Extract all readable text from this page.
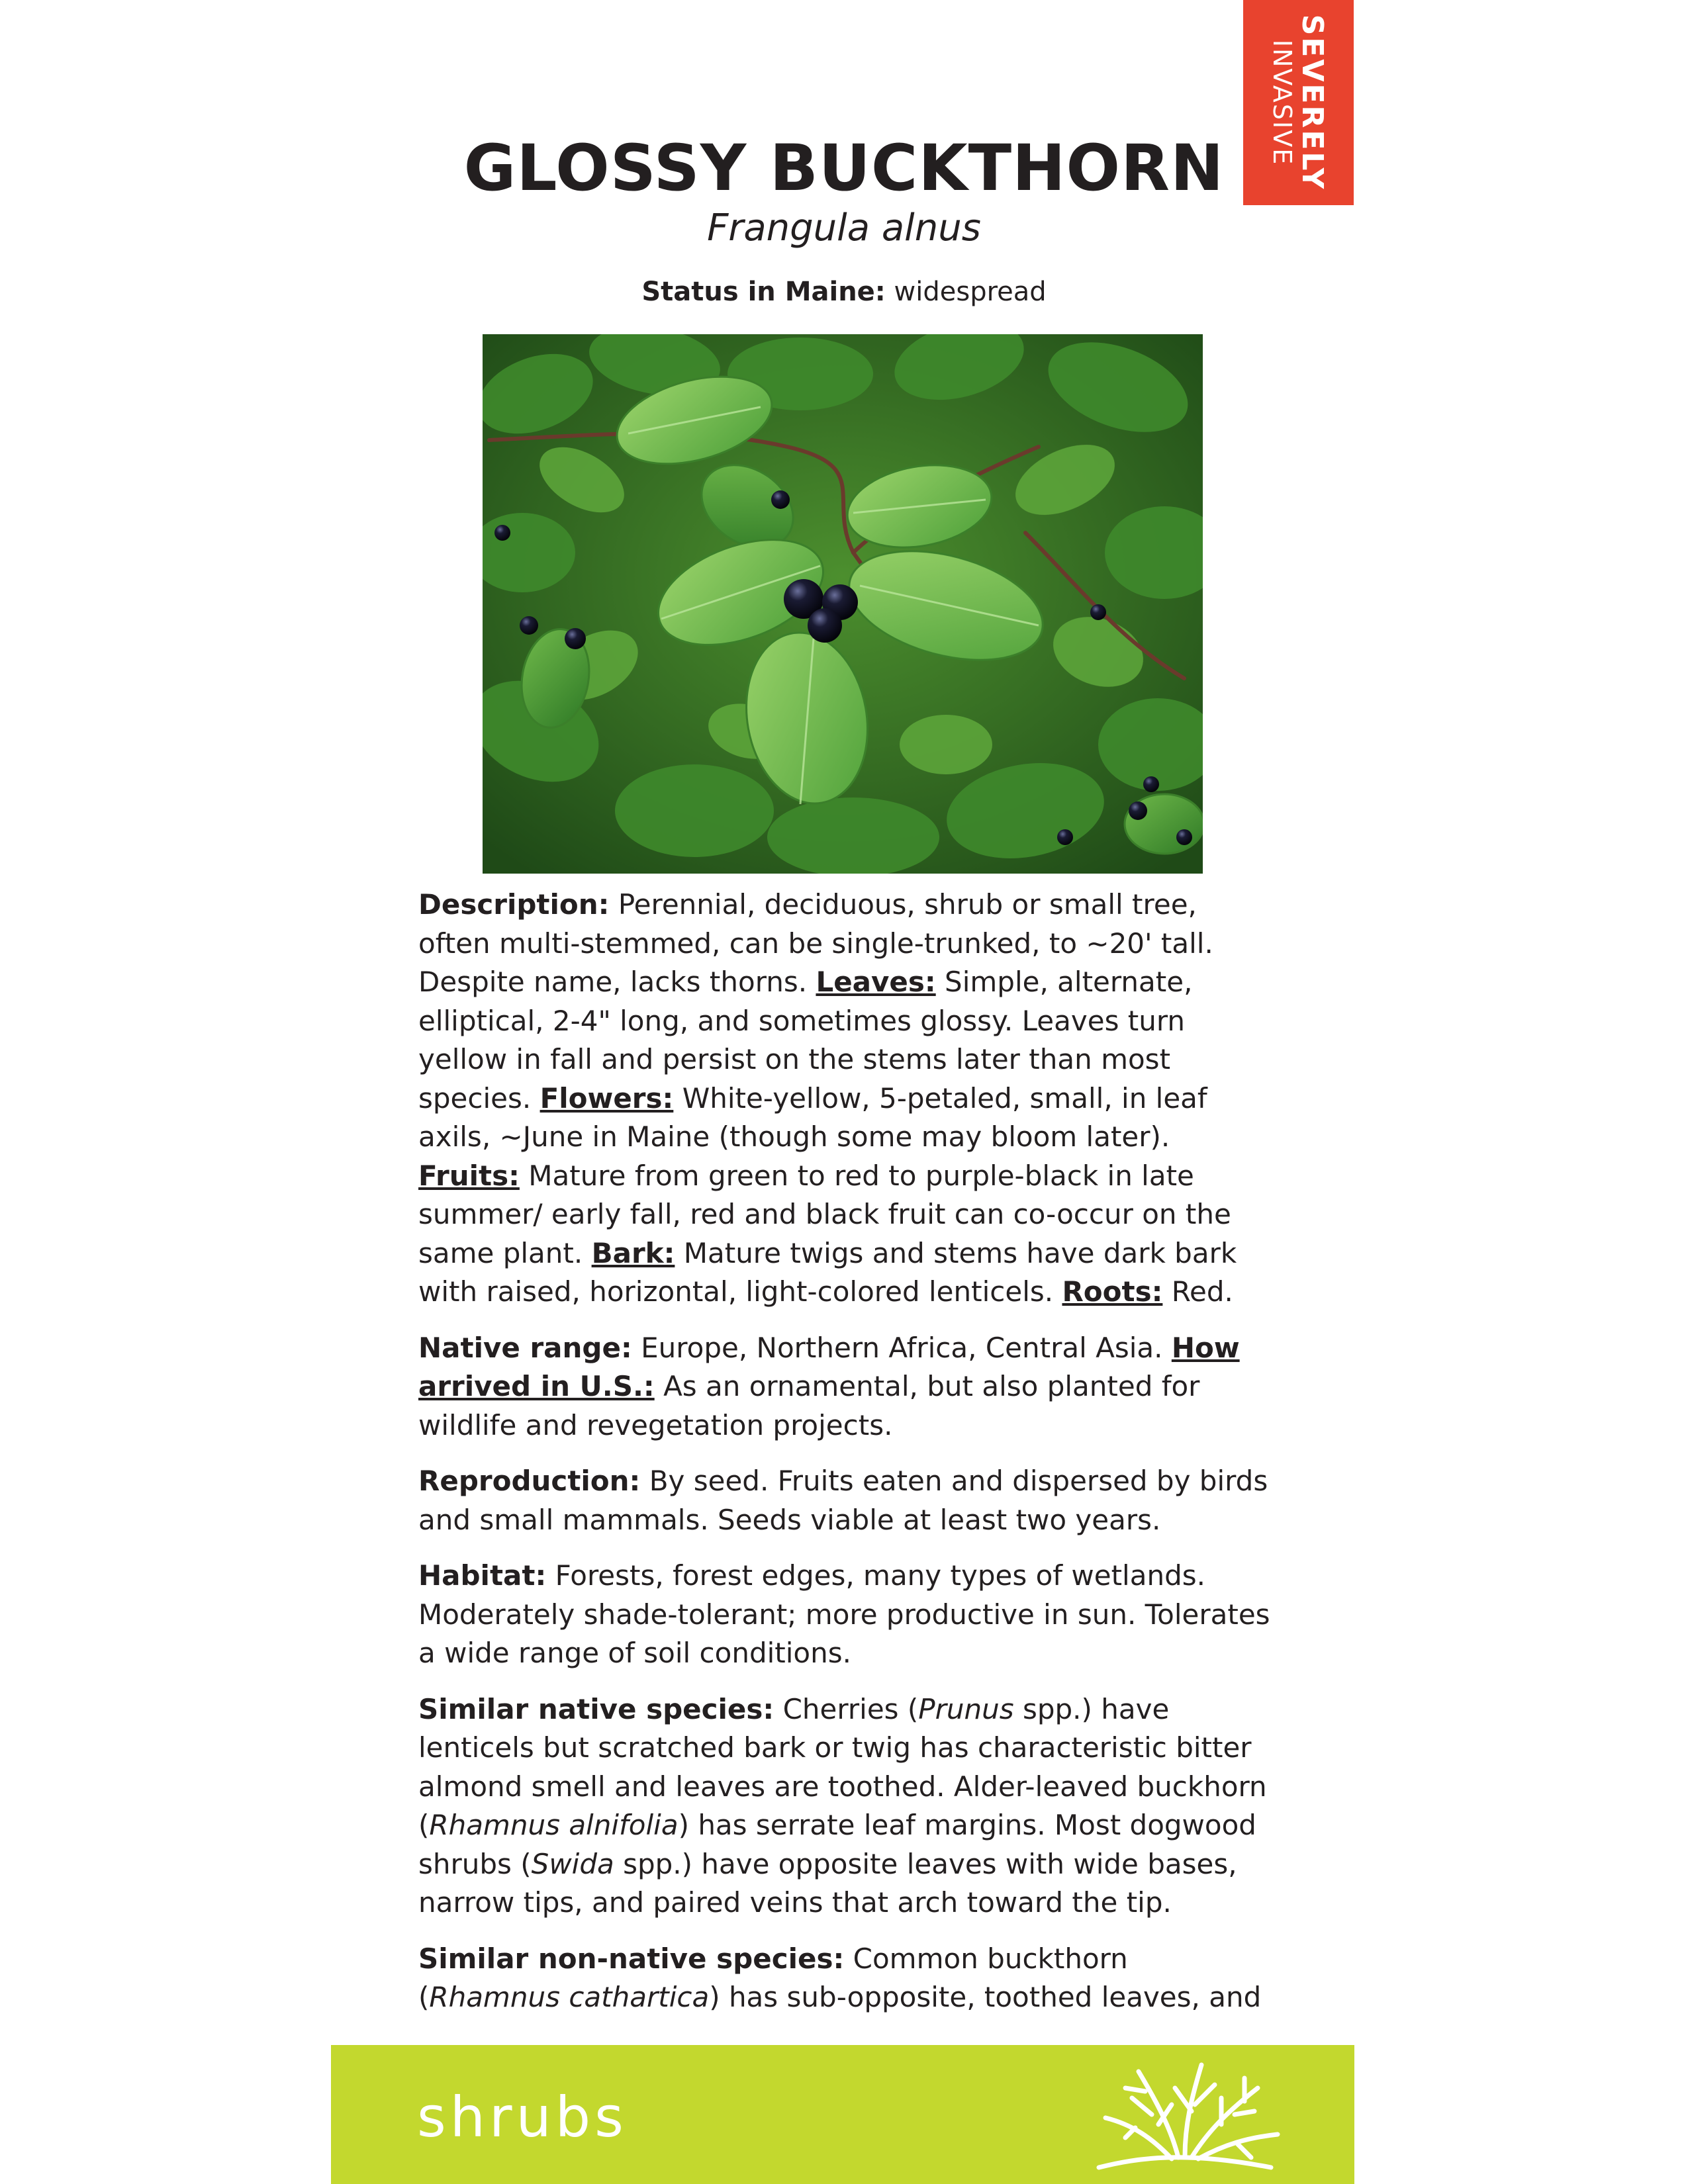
SEVERELY
INVASIVE
GLOSSY BUCKTHORN
Frangula alnus
Status in Maine: widespread

Description: Perennial, deciduous, shrub or small tree, often multi-stemmed, can be single-trunked, to ~20' tall. Despite name, lacks thorns. Leaves: Simple, alternate, elliptical, 2-4" long, and sometimes glossy. Leaves turn yellow in fall and persist on the stems later than most species. Flowers: White-yellow, 5-petaled, small, in leaf axils, ~June in Maine (though some may bloom later). Fruits: Mature from green to red to purple-black in late summer/ early fall, red and black fruit can co-occur on the same plant. Bark: Mature twigs and stems have dark bark with raised, horizontal, light-colored lenticels. Roots: Red.

Native range: Europe, Northern Africa, Central Asia. How arrived in U.S.: As an ornamental, but also planted for wildlife and revegetation projects.

Reproduction: By seed. Fruits eaten and dispersed by birds and small mammals. Seeds viable at least two years.

Habitat: Forests, forest edges, many types of wetlands. Moderately shade-tolerant; more productive in sun. Tolerates a wide range of soil conditions.

Similar native species: Cherries (Prunus spp.) have lenticels but scratched bark or twig has characteristic bitter almond smell and leaves are toothed. Alder-leaved buckhorn (Rhamnus alnifolia) has serrate leaf margins. Most dogwood shrubs (Swida spp.) have opposite leaves with wide bases, narrow tips, and paired veins that arch toward the tip.

Similar non-native species: Common buckthorn (Rhamnus cathartica) has sub-opposite, toothed leaves, and

shrubs
